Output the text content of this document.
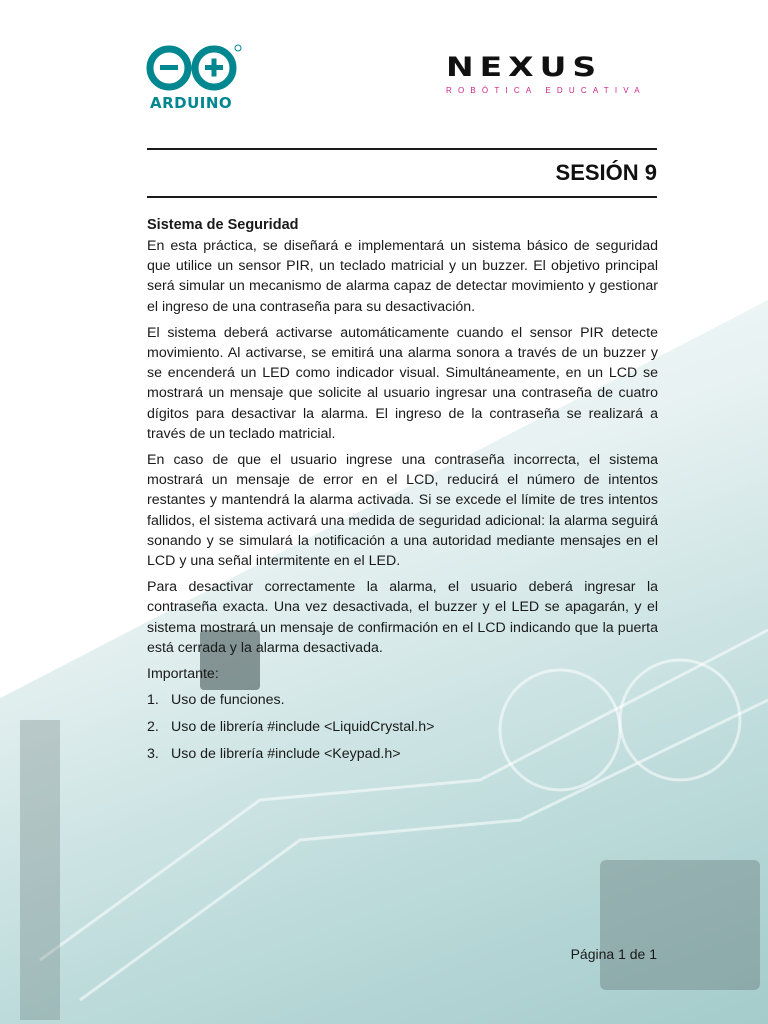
ARDUINO
NEXUS
ROBÓTICA EDUCATIVA
SESIÓN 9
Sistema de Seguridad

En esta práctica, se diseñará e implementará un sistema básico de seguridad que utilice un sensor PIR, un teclado matricial y un buzzer. El objetivo principal será simular un mecanismo de alarma capaz de detectar movimiento y gestionar el ingreso de una contraseña para su desactivación.

El sistema deberá activarse automáticamente cuando el sensor PIR detecte movimiento. Al activarse, se emitirá una alarma sonora a través de un buzzer y se encenderá un LED como indicador visual. Simultáneamente, en un LCD se mostrará un mensaje que solicite al usuario ingresar una contraseña de cuatro dígitos para desactivar la alarma. El ingreso de la contraseña se realizará a través de un teclado matricial.

En caso de que el usuario ingrese una contraseña incorrecta, el sistema mostrará un mensaje de error en el LCD, reducirá el número de intentos restantes y mantendrá la alarma activada. Si se excede el límite de tres intentos fallidos, el sistema activará una medida de seguridad adicional: la alarma seguirá sonando y se simulará la notificación a una autoridad mediante mensajes en el LCD y una señal intermitente en el LED.

Para desactivar correctamente la alarma, el usuario deberá ingresar la contraseña exacta. Una vez desactivada, el buzzer y el LED se apagarán, y el sistema mostrará un mensaje de confirmación en el LCD indicando que la puerta está cerrada y la alarma desactivada.

Importante:
1. Uso de funciones.
2. Uso de librería #include <LiquidCrystal.h>
3. Uso de librería #include <Keypad.h>
Página 1 de 1
